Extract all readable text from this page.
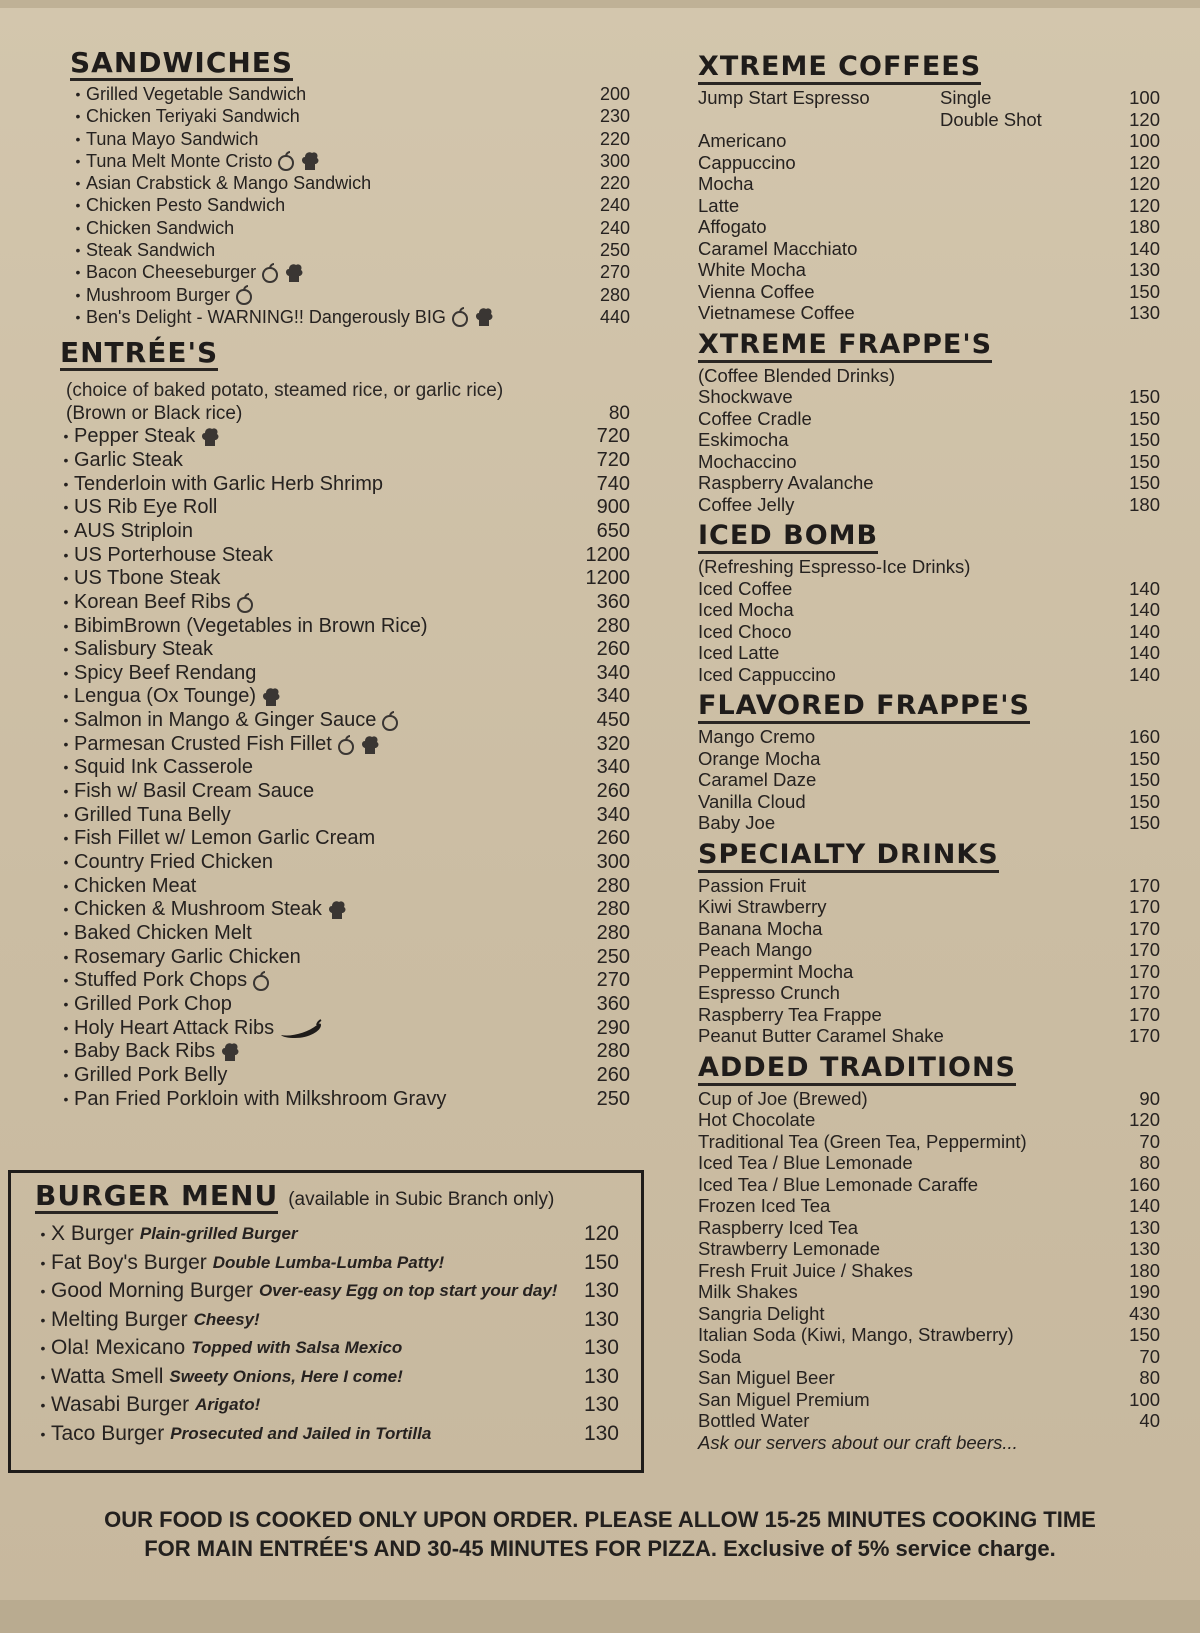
SANDWICHES
• Grilled Vegetable Sandwich	200
• Chicken Teriyaki Sandwich	230
• Tuna Mayo Sandwich	220
• Tuna Melt Monte Cristo	300
• Asian Crabstick & Mango Sandwich	220
• Chicken Pesto Sandwich	240
• Chicken Sandwich	240
• Steak Sandwich	250
• Bacon Cheeseburger	270
• Mushroom Burger	280
• Ben's Delight - WARNING!! Dangerously BIG	440
ENTRÉE'S
(choice of baked potato, steamed rice, or garlic rice)
(Brown or Black rice)	80
• Pepper Steak	720
• Garlic Steak	720
• Tenderloin with Garlic Herb Shrimp	740
• US Rib Eye Roll	900
• AUS Striploin	650
• US Porterhouse Steak	1200
• US Tbone Steak	1200
• Korean Beef Ribs	360
• BibimBrown (Vegetables in Brown Rice)	280
• Salisbury Steak	260
• Spicy Beef Rendang	340
• Lengua (Ox Tounge)	340
• Salmon in Mango & Ginger Sauce	450
• Parmesan Crusted Fish Fillet	320
• Squid Ink Casserole	340
• Fish w/ Basil Cream Sauce	260
• Grilled Tuna Belly	340
• Fish Fillet w/ Lemon Garlic Cream	260
• Country Fried Chicken	300
• Chicken Meat	280
• Chicken & Mushroom Steak	280
• Baked Chicken Melt	280
• Rosemary Garlic Chicken	250
• Stuffed Pork Chops	270
• Grilled Pork Chop	360
• Holy Heart Attack Ribs	290
• Baby Back Ribs	280
• Grilled Pork Belly	260
• Pan Fried Porkloin with Milkshroom Gravy	250
BURGER MENU (available in Subic Branch only)
• X Burger Plain-grilled Burger	120
• Fat Boy's Burger Double Lumba-Lumba Patty!	150
• Good Morning Burger Over-easy Egg on top start your day! 130
• Melting Burger Cheesy!	130
• Ola! Mexicano Topped with Salsa Mexico	130
• Watta Smell Sweety Onions, Here I come!	130
• Wasabi Burger Arigato!	130
• Taco Burger Prosecuted and Jailed in Tortilla	130
XTREME COFFEES
Jump Start Espresso	Single	100
Double Shot	120
Americano	100
Cappuccino	120
Mocha	120
Latte	120
Affogato	180
Caramel Macchiato	140
White Mocha	130
Vienna Coffee	150
Vietnamese Coffee	130
XTREME FRAPPE'S
(Coffee Blended Drinks)
Shockwave	150
Coffee Cradle	150
Eskimocha	150
Mochaccino	150
Raspberry Avalanche	150
Coffee Jelly	180
ICED BOMB
(Refreshing Espresso-Ice Drinks)
Iced Coffee	140
Iced Mocha	140
Iced Choco	140
Iced Latte	140
Iced Cappuccino	140
FLAVORED FRAPPE'S
Mango Cremo	160
Orange Mocha	150
Caramel Daze	150
Vanilla Cloud	150
Baby Joe	150
SPECIALTY DRINKS
Passion Fruit	170
Kiwi Strawberry	170
Banana Mocha	170
Peach Mango	170
Peppermint Mocha	170
Espresso Crunch	170
Raspberry Tea Frappe	170
Peanut Butter Caramel Shake	170
ADDED TRADITIONS
Cup of Joe (Brewed)	90
Hot Chocolate	120
Traditional Tea (Green Tea, Peppermint)	70
Iced Tea / Blue Lemonade	80
Iced Tea / Blue Lemonade Caraffe	160
Frozen Iced Tea	140
Raspberry Iced Tea	130
Strawberry Lemonade	130
Fresh Fruit Juice / Shakes	180
Milk Shakes	190
Sangria Delight	430
Italian Soda (Kiwi, Mango, Strawberry)	150
Soda	70
San Miguel Beer	80
San Miguel Premium	100
Bottled Water	40
Ask our servers about our craft beers...
OUR FOOD IS COOKED ONLY UPON ORDER. PLEASE ALLOW 15-25 MINUTES COOKING TIME
FOR MAIN ENTRÉE'S AND 30-45 MINUTES FOR PIZZA. Exclusive of 5% service charge.
